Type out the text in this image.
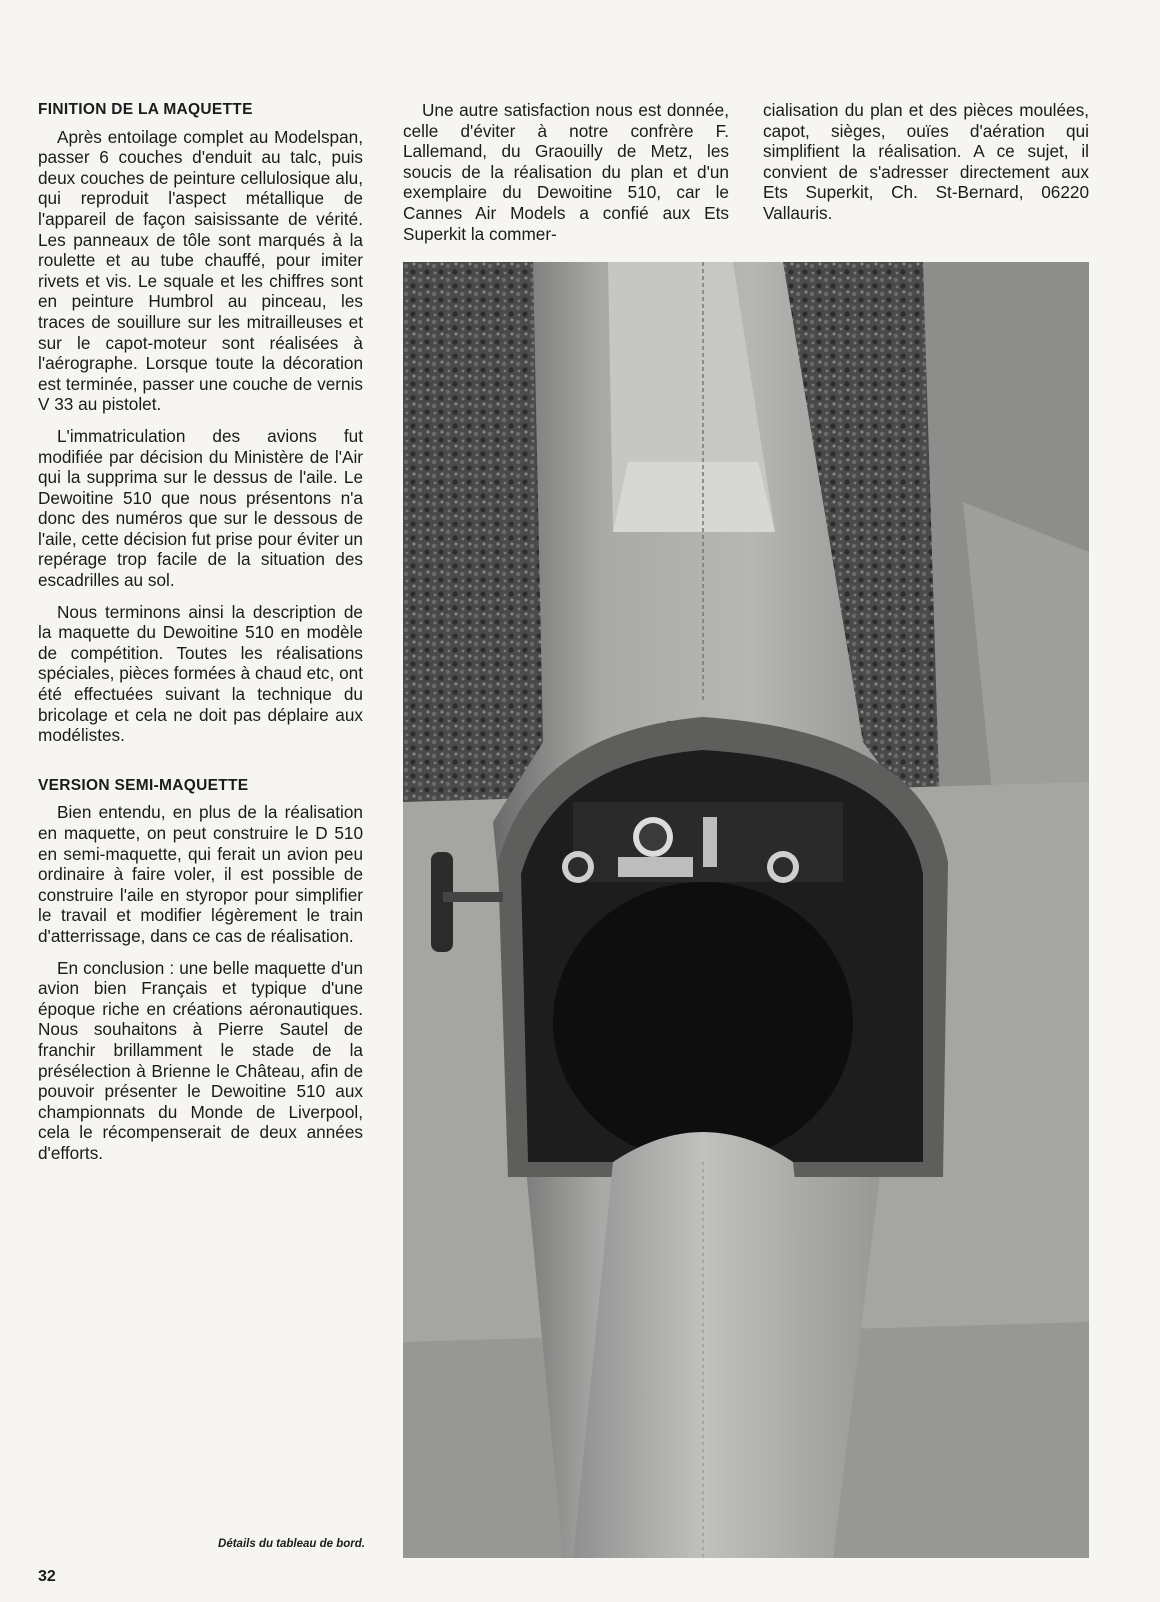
FINITION DE LA MAQUETTE

Après entoilage complet au Modelspan, passer 6 couches d'enduit au talc, puis deux couches de peinture cellulosique alu, qui reproduit l'aspect métallique de l'appareil de façon saisissante de vérité. Les panneaux de tôle sont marqués à la roulette et au tube chauffé, pour imiter rivets et vis. Le squale et les chiffres sont en peinture Humbrol au pinceau, les traces de souillure sur les mitrailleuses et sur le capot-moteur sont réalisées à l'aérographe. Lorsque toute la décoration est terminée, passer une couche de vernis V 33 au pistolet.

L'immatriculation des avions fut modifiée par décision du Ministère de l'Air qui la supprima sur le dessus de l'aile. Le Dewoitine 510 que nous présentons n'a donc des numéros que sur le dessous de l'aile, cette décision fut prise pour éviter un repérage trop facile de la situation des escadrilles au sol.

Nous terminons ainsi la description de la maquette du Dewoitine 510 en modèle de compétition. Toutes les réalisations spéciales, pièces formées à chaud etc, ont été effectuées suivant la technique du bricolage et cela ne doit pas déplaire aux modélistes.

VERSION SEMI-MAQUETTE

Bien entendu, en plus de la réalisation en maquette, on peut construire le D 510 en semi-maquette, qui ferait un avion peu ordinaire à faire voler, il est possible de construire l'aile en styropor pour simplifier le travail et modifier légèrement le train d'atterrissage, dans ce cas de réalisation.

En conclusion : une belle maquette d'un avion bien Français et typique d'une époque riche en créations aéronautiques. Nous souhaitons à Pierre Sautel de franchir brillamment le stade de la présélection à Brienne le Château, afin de pouvoir présenter le Dewoitine 510 aux championnats du Monde de Liverpool, cela le récompenserait de deux années d'efforts.

Une autre satisfaction nous est donnée, celle d'éviter à notre confrère F. Lallemand, du Graouilly de Metz, les soucis de la réalisation du plan et d'un exemplaire du Dewoitine 510, car le Cannes Air Models a confié aux Ets Superkit la commer-

cialisation du plan et des pièces moulées, capot, sièges, ouïes d'aération qui simplifient la réalisation. A ce sujet, il convient de s'adresser directement aux Ets Superkit, Ch. St-Bernard, 06220 Vallauris.

Détails du tableau de bord.
32
